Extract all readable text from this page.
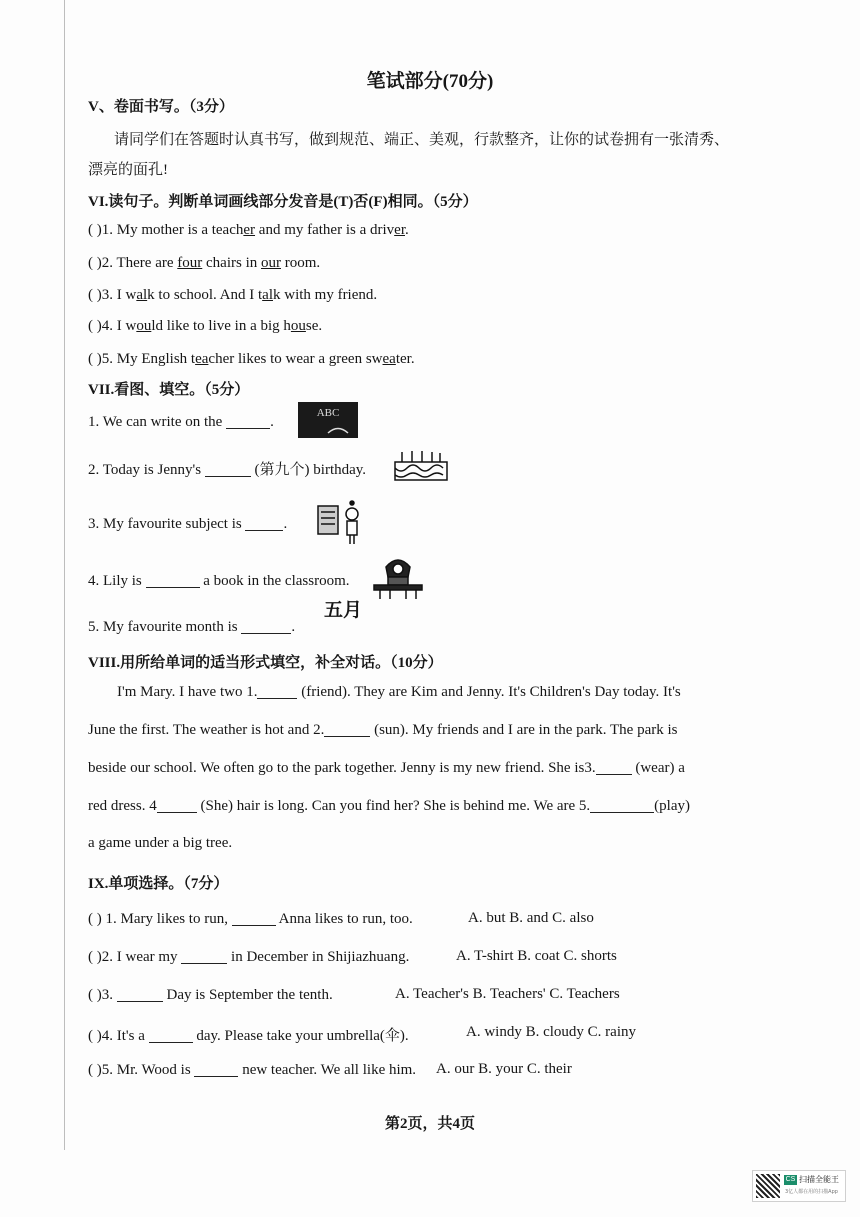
笔试部分(70分)
V、卷面书写。（3分）
请同学们在答题时认真书写，做到规范、端正、美观，行款整齐，让你的试卷拥有一张清秀、
漂亮的面孔!
VI.读句子。判断单词画线部分发音是(T)否(F)相同。（5分）
( )1. My mother is a teacher and my father is a driver.
( )2. There are four chairs in our room.
( )3. I walk to school. And I talk with my friend.
( )4. I would like to live in a big house.
( )5. My English teacher likes to wear a green sweater.
VII.看图、填空。（5分）
1. We can write on the	.
ABC
2. Today is Jenny's	(第九个) birthday.
3. My favourite subject is	.
4. Lily is	a book in the classroom.
5. My favourite month is	.
五月
VIII.用所给单词的适当形式填空，补全对话。（10分）
I'm Mary. I have two 1.	(friend). They are Kim and Jenny. It's Children's Day today. It's
June the first. The weather is hot and 2.	(sun). My friends and I are in the park. The park is
beside our school. We often go to the park together. Jenny is my new friend. She is3. (wear) a
red dress. 4	(She) hair is long. Can you find her? She is behind me. We are 5.	(play)
a game under a big tree.
IX.单项选择。（7分）
( ) 1. Mary likes to run,	Anna likes to run, too.	A. but B. and C. also
( )2. I wear my	in December in Shijiazhuang.	A. T-shirt B. coat C. shorts
( )3.	Day is September the tenth.	A. Teacher's B. Teachers' C. Teachers
( )4. It's a	day. Please take your umbrella(伞).	A. windy B. cloudy C. rainy
( )5. Mr. Wood is	new teacher. We all like him. A. our B. your C. their
第2页，共4页
CS 扫描全能王
3亿人都在用的扫描App
